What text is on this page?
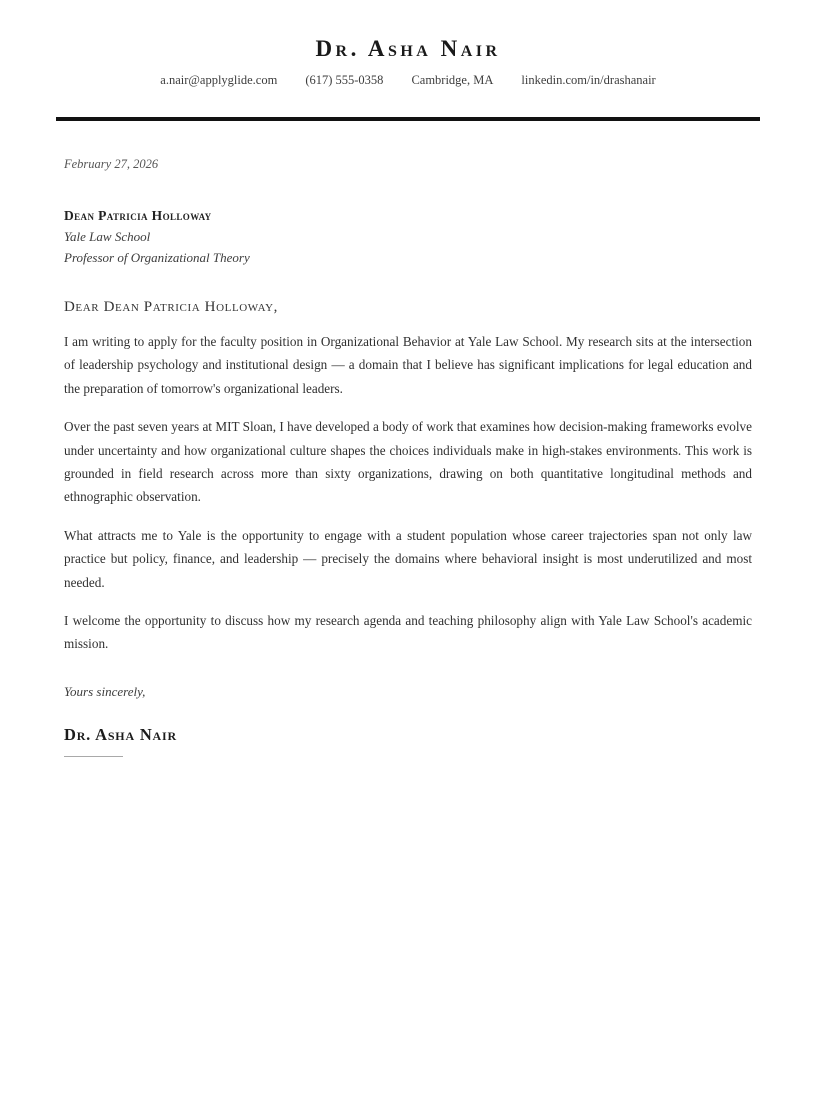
Dr. Asha Nair
a.nair@applyglide.com (617) 555-0358 Cambridge, MA linkedin.com/in/drashanair
February 27, 2026
Dean Patricia Holloway
Yale Law School
Professor of Organizational Theory
Dear Dean Patricia Holloway,

I am writing to apply for the faculty position in Organizational Behavior at Yale Law School. My research sits at the intersection of leadership psychology and institutional design — a domain that I believe has significant implications for legal education and the preparation of tomorrow's organizational leaders.

Over the past seven years at MIT Sloan, I have developed a body of work that examines how decision-making frameworks evolve under uncertainty and how organizational culture shapes the choices individuals make in high-stakes environments. This work is grounded in field research across more than sixty organizations, drawing on both quantitative longitudinal methods and ethnographic observation.

What attracts me to Yale is the opportunity to engage with a student population whose career trajectories span not only law practice but policy, finance, and leadership — precisely the domains where behavioral insight is most underutilized and most needed.

I welcome the opportunity to discuss how my research agenda and teaching philosophy align with Yale Law School's academic mission.

Yours sincerely,
Dr. Asha Nair
